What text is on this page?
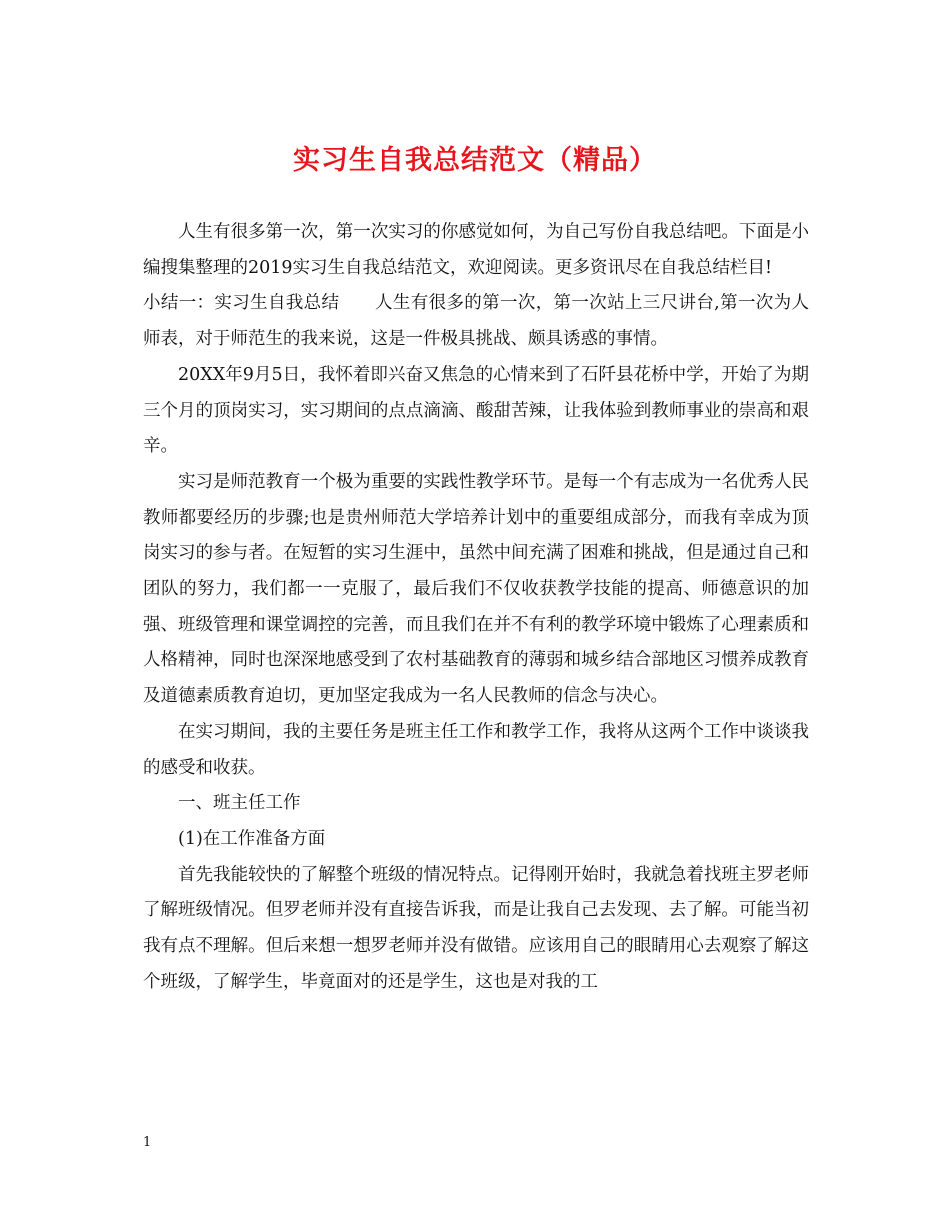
实习生自我总结范文（精品）

人生有很多第一次，第一次实习的你感觉如何，为自己写份自我总结吧。下面是小编搜集整理的2019实习生自我总结范文，欢迎阅读。更多资讯尽在自我总结栏目!

小结一：实习生自我总结　　人生有很多的第一次，第一次站上三尺讲台,第一次为人师表，对于师范生的我来说，这是一件极具挑战、颇具诱惑的事情。

20XX年9月5日，我怀着即兴奋又焦急的心情来到了石阡县花桥中学，开始了为期三个月的顶岗实习，实习期间的点点滴滴、酸甜苦辣，让我体验到教师事业的崇高和艰辛。

实习是师范教育一个极为重要的实践性教学环节。是每一个有志成为一名优秀人民教师都要经历的步骤;也是贵州师范大学培养计划中的重要组成部分，而我有幸成为顶岗实习的参与者。在短暂的实习生涯中，虽然中间充满了困难和挑战，但是通过自己和团队的努力，我们都一一克服了，最后我们不仅收获教学技能的提高、师德意识的加强、班级管理和课堂调控的完善，而且我们在并不有利的教学环境中锻炼了心理素质和人格精神，同时也深深地感受到了农村基础教育的薄弱和城乡结合部地区习惯养成教育及道德素质教育迫切，更加坚定我成为一名人民教师的信念与决心。

在实习期间，我的主要任务是班主任工作和教学工作，我将从这两个工作中谈谈我的感受和收获。

一、班主任工作

(1)在工作准备方面

首先我能较快的了解整个班级的情况特点。记得刚开始时，我就急着找班主罗老师了解班级情况。但罗老师并没有直接告诉我，而是让我自己去发现、去了解。可能当初我有点不理解。但后来想一想罗老师并没有做错。应该用自己的眼睛用心去观察了解这个班级，了解学生，毕竟面对的还是学生，这也是对我的工

1
